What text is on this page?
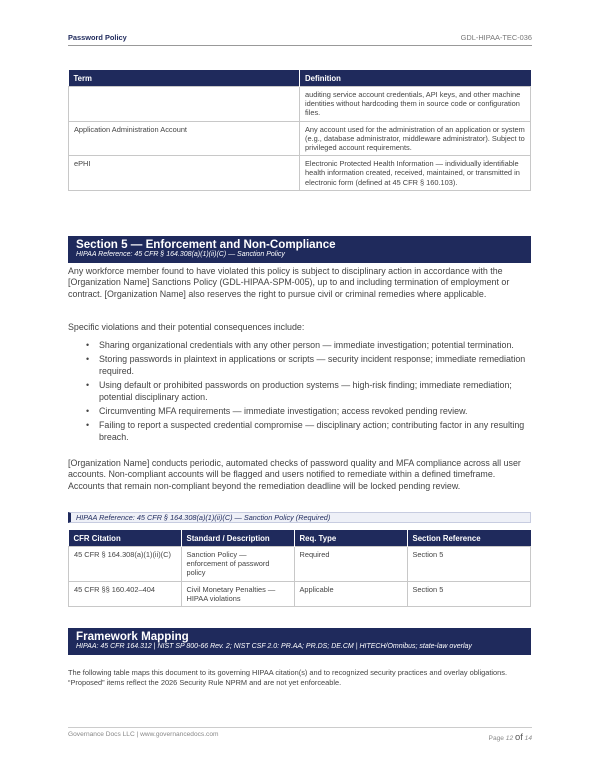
Password Policy	GDL-HIPAA-TEC-036
Term	Definition
	auditing service account credentials, API keys, and other machine identities without hardcoding them in source code or configuration files.
Application Administration Account	Any account used for the administration of an application or system (e.g., database administrator, middleware administrator). Subject to privileged account requirements.
ePHI	Electronic Protected Health Information — individually identifiable health information created, received, maintained, or transmitted in electronic form (defined at 45 CFR § 160.103).
Section 5 — Enforcement and Non-Compliance
HIPAA Reference: 45 CFR § 164.308(a)(1)(ii)(C) — Sanction Policy

Any workforce member found to have violated this policy is subject to disciplinary action in accordance with the [Organization Name] Sanctions Policy (GDL-HIPAA-SPM-005), up to and including termination of employment or contract. [Organization Name] also reserves the right to pursue civil or criminal remedies where applicable.

Specific violations and their potential consequences include:

• Sharing organizational credentials with any other person — immediate investigation; potential termination.
• Storing passwords in plaintext in applications or scripts — security incident response; immediate remediation required.
• Using default or prohibited passwords on production systems — high-risk finding; immediate remediation; potential disciplinary action.
• Circumventing MFA requirements — immediate investigation; access revoked pending review.
• Failing to report a suspected credential compromise — disciplinary action; contributing factor in any resulting breach.

[Organization Name] conducts periodic, automated checks of password quality and MFA compliance across all user accounts. Non-compliant accounts will be flagged and users notified to remediate within a defined timeframe. Accounts that remain non-compliant beyond the remediation deadline will be locked pending review.

HIPAA Reference: 45 CFR § 164.308(a)(1)(ii)(C) — Sanction Policy (Required)
CFR Citation	Standard / Description	Req. Type	Section Reference
45 CFR § 164.308(a)(1)(ii)(C)	Sanction Policy — enforcement of password policy	Required	Section 5
45 CFR §§ 160.402–404	Civil Monetary Penalties — HIPAA violations	Applicable	Section 5
Framework Mapping
HIPAA: 45 CFR 164.312 | NIST SP 800-66 Rev. 2; NIST CSF 2.0: PR.AA; PR.DS; DE.CM | HITECH/Omnibus; state-law overlay
The following table maps this document to its governing HIPAA citation(s) and to recognized security practices and overlay obligations. “Proposed” items reflect the 2026 Security Rule NPRM and are not yet enforceable.
Governance Docs LLC | www.governancedocs.com
Page 12 of 14
